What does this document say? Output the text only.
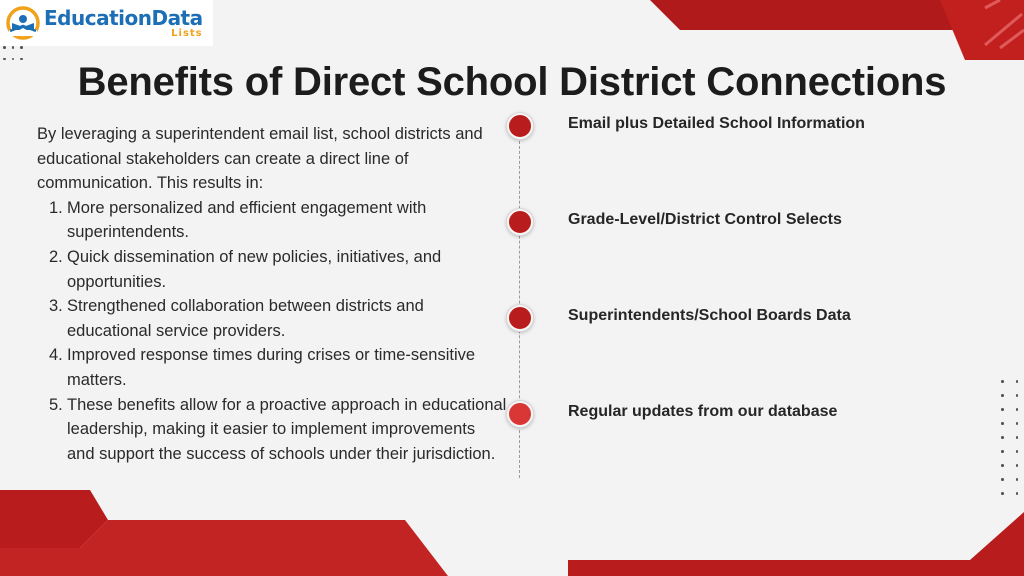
EducationData
Lists
Benefits of Direct School District Connections
By leveraging a superintendent email list, school districts and educational stakeholders can create a direct line of communication. This results in:
1. More personalized and efficient engagement with superintendents.
2. Quick dissemination of new policies, initiatives, and opportunities.
3. Strengthened collaboration between districts and educational service providers.
4. Improved response times during crises or time-sensitive matters.
5. These benefits allow for a proactive approach in educational leadership, making it easier to implement improvements and support the success of schools under their jurisdiction.
Email plus Detailed School Information
Grade-Level/District Control Selects
Superintendents/School Boards Data
Regular updates from our database
